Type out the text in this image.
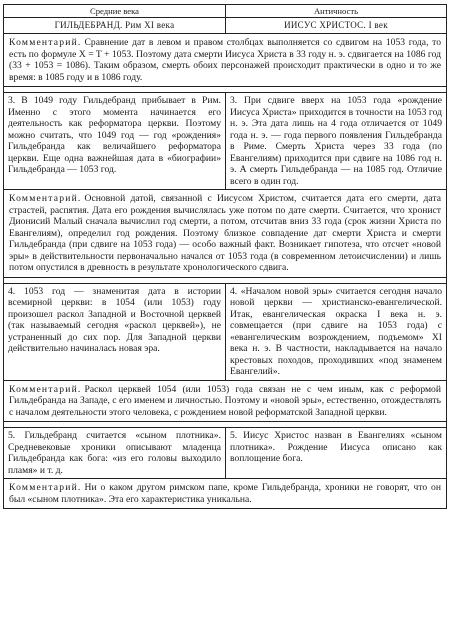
Средние века	Античность
ГИЛЬДЕБРАНД. Рим XI века	ИИСУС ХРИСТОС. I век
Комментарий. Сравнение дат в левом и правом столбцах выполняется со сдвигом на 1053 года, то есть по формуле X = T + 1053. Поэтому дата смерти Иисуса Христа в 33 году н. э. сдвигается на 1086 год (33 + 1053 = 1086). Таким образом, смерть обоих персонажей происходит практически в одно и то же время: в 1085 году и в 1086 году.
3. В 1049 году Гильдебранд прибывает в Рим. Именно с этого момента начинается его деятельность как реформатора церкви. Поэтому можно считать, что 1049 год — год «рождения» Гильдебранда как величайшего реформатора церкви. Еще одна важнейшая дата в «биографии» Гильдебранда — 1053 год.
3. При сдвиге вверх на 1053 года «рождение Иисуса Христа» приходится в точности на 1053 год н. э. Эта дата лишь на 4 года отличается от 1049 года н. э. — года первого появления Гильдебранда в Риме. Смерть Христа через 33 года (по Евангелиям) приходится при сдвиге на 1086 год н. э. А смерть Гильдебранда — на 1085 год. Отличие всего в один год.
Комментарий. Основной датой, связанной с Иисусом Христом, считается дата его смерти, дата страстей, распятия. Дата его рождения вычислялась уже потом по дате смерти. Считается, что хронист Дионисий Малый сначала вычислил год смерти, а потом, отсчитав вниз 33 года (срок жизни Христа по Евангелиям), определил год рождения. Поэтому близкое совпадение дат смерти Христа и смерти Гильдебранда (при сдвиге на 1053 года) — особо важный факт. Возникает гипотеза, что отсчет «новой эры» в действительности первоначально начался от 1053 года (в современном летоисчислении) и лишь потом опустился в древность в результате хронологического сдвига.
4. 1053 год — знаменитая дата в истории всемирной церкви: в 1054 (или 1053) году произошел раскол Западной и Восточной церквей (так называемый сегодня «раскол церквей»), не устраненный до сих пор. Для Западной церкви действительно начиналась новая эра.
4. «Началом новой эры» считается сегодня начало новой церкви — христианско-евангелической. Итак, евангелическая окраска I века н. э. совмещается (при сдвиге на 1053 года) с «евангелическим возрождением, подъемом» XI века н. э. В частности, накладывается на начало крестовых походов, проходивших «под знаменем Евангелий».
Комментарий. Раскол церквей 1054 (или 1053) года связан не с чем иным, как с реформой Гильдебранда на Западе, с его именем и личностью. Поэтому и «новой эры», естественно, отождествлять с началом деятельности этого человека, с рождением новой реформатской Западной церкви.
5. Гильдебранд считается «сыном плотника». Средневековые хроники описывают младенца Гильдебранда как бога: «из его головы выходило пламя» и т. д.
5. Иисус Христос назван в Евангелиях «сыном плотника». Рождение Иисуса описано как воплощение бога.
Комментарий. Ни о каком другом римском папе, кроме Гильдебранда, хроники не говорят, что он был «сыном плотника». Эта его характеристика уникальна.
